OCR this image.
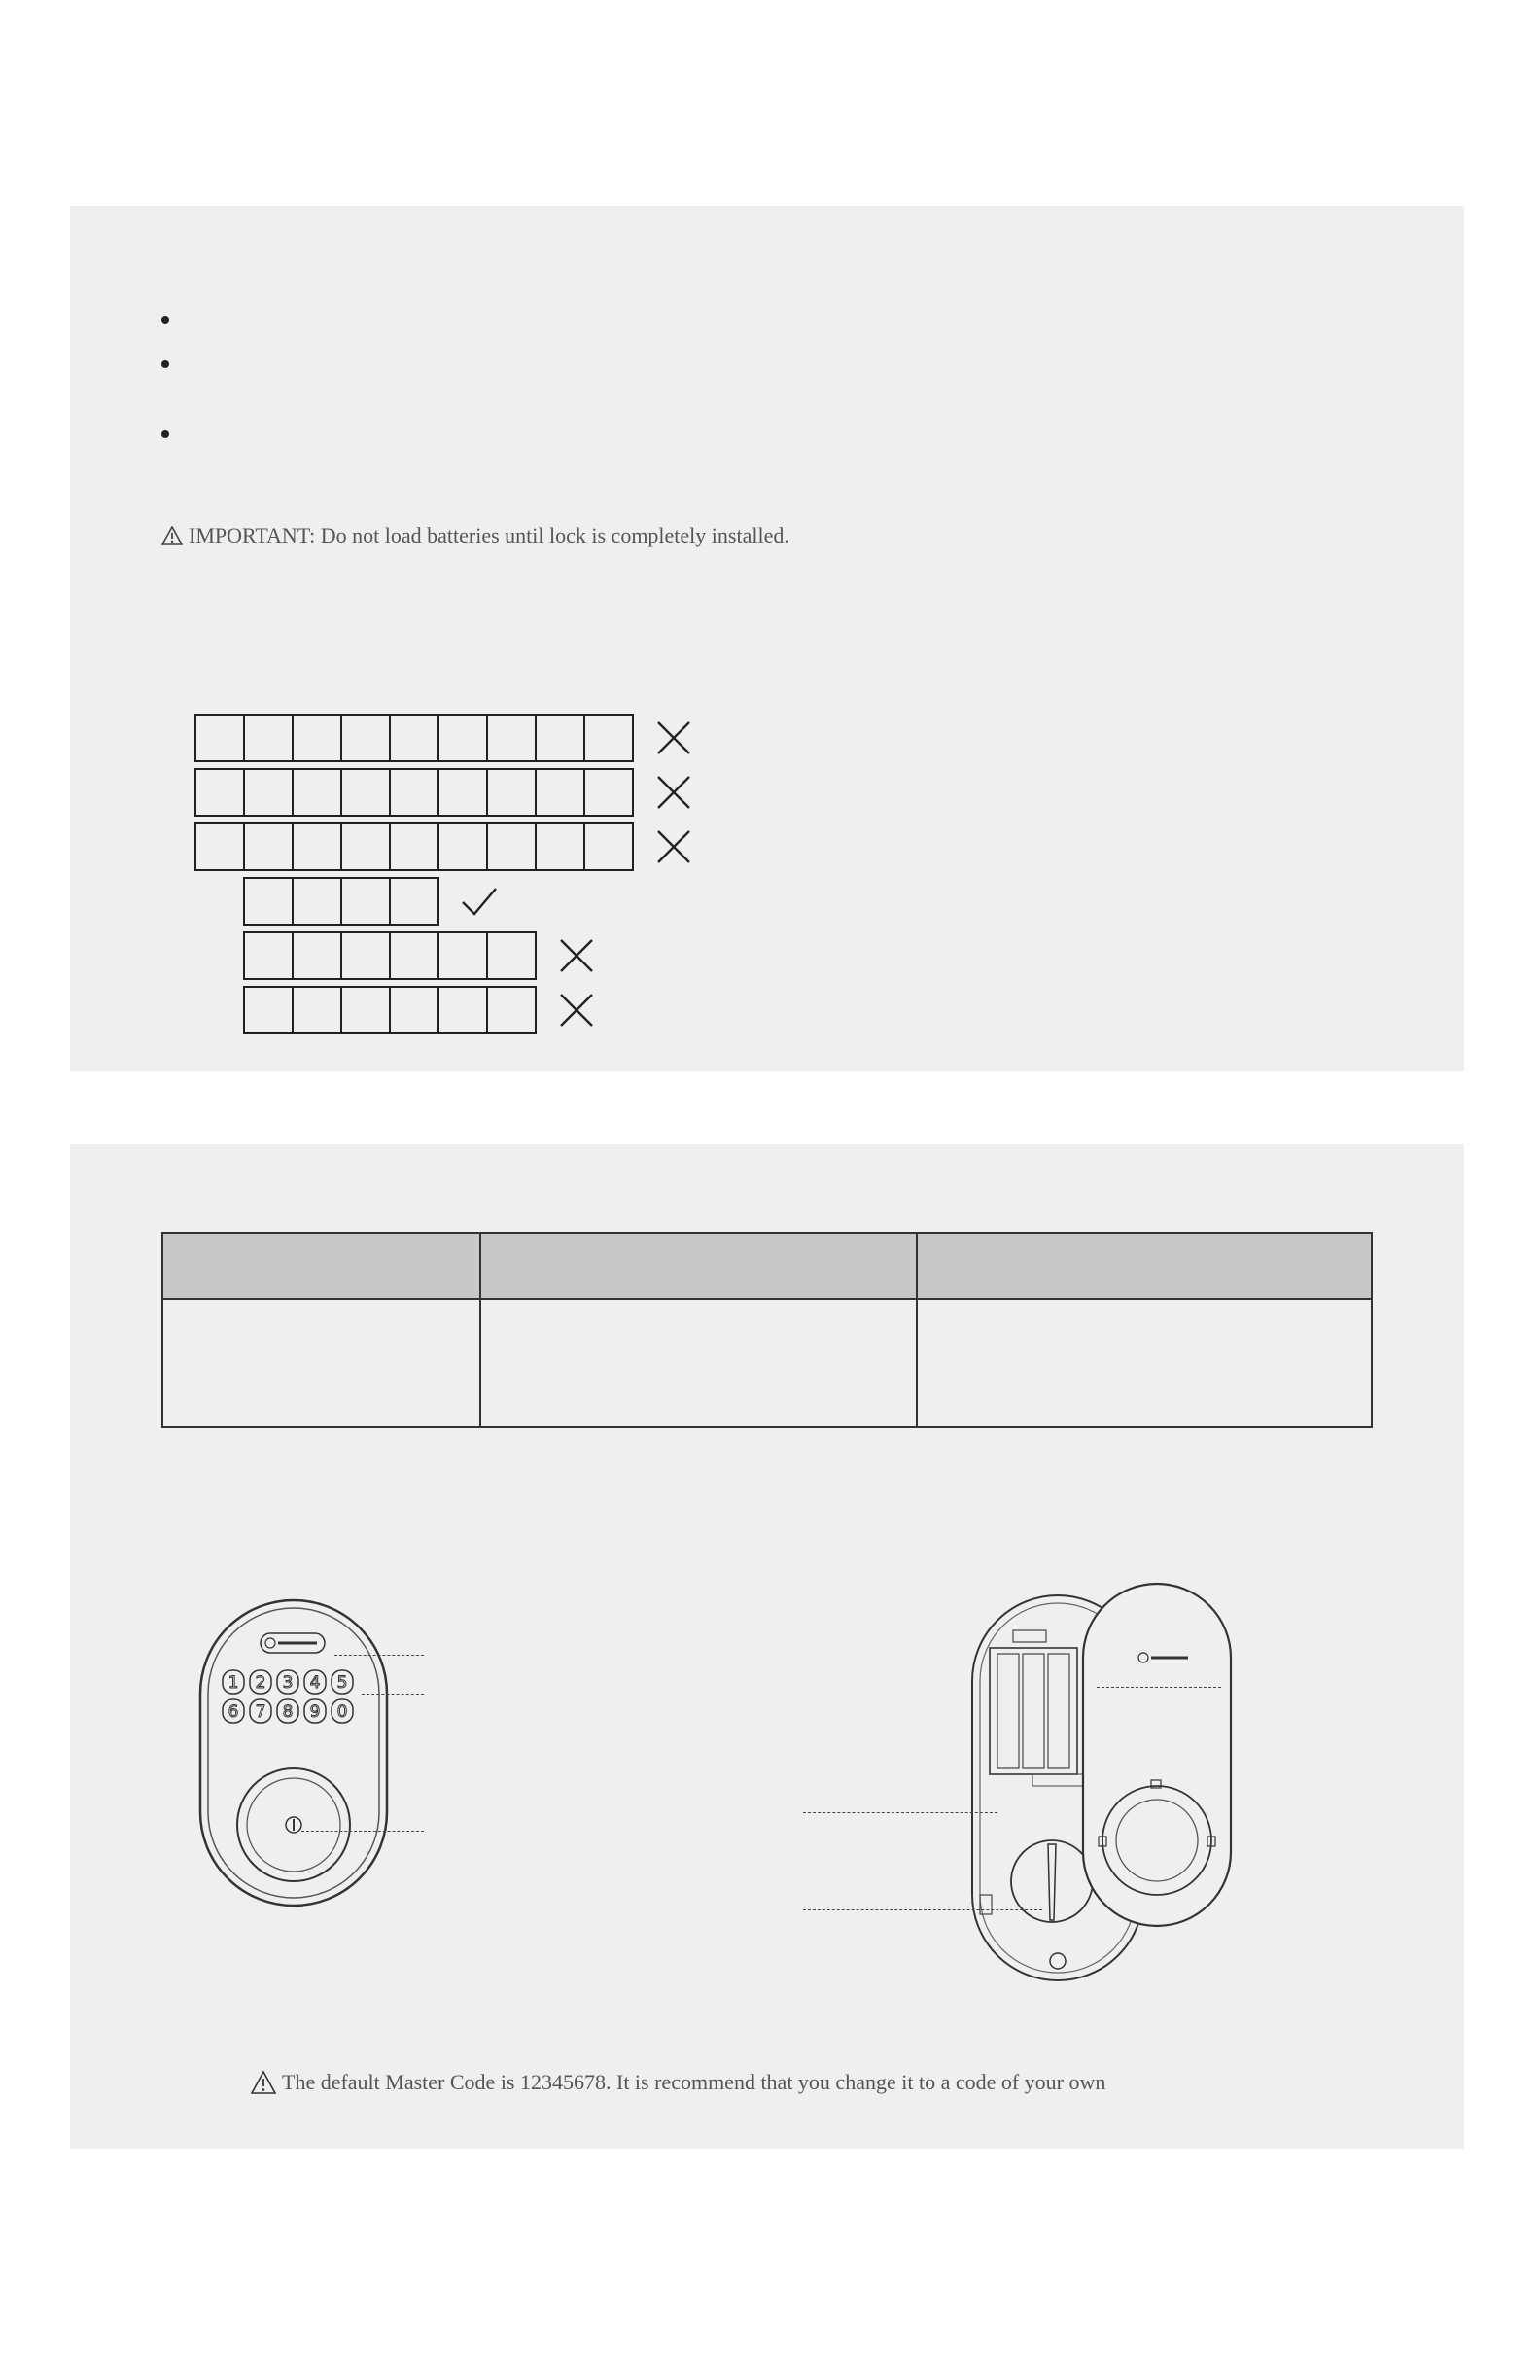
IMPORTANT: Do not load batteries until lock is completely installed.

1 2 3 4 5
6 7 8 9 0
The default Master Code is 12345678. It is recommend that you change it to a code of your own
